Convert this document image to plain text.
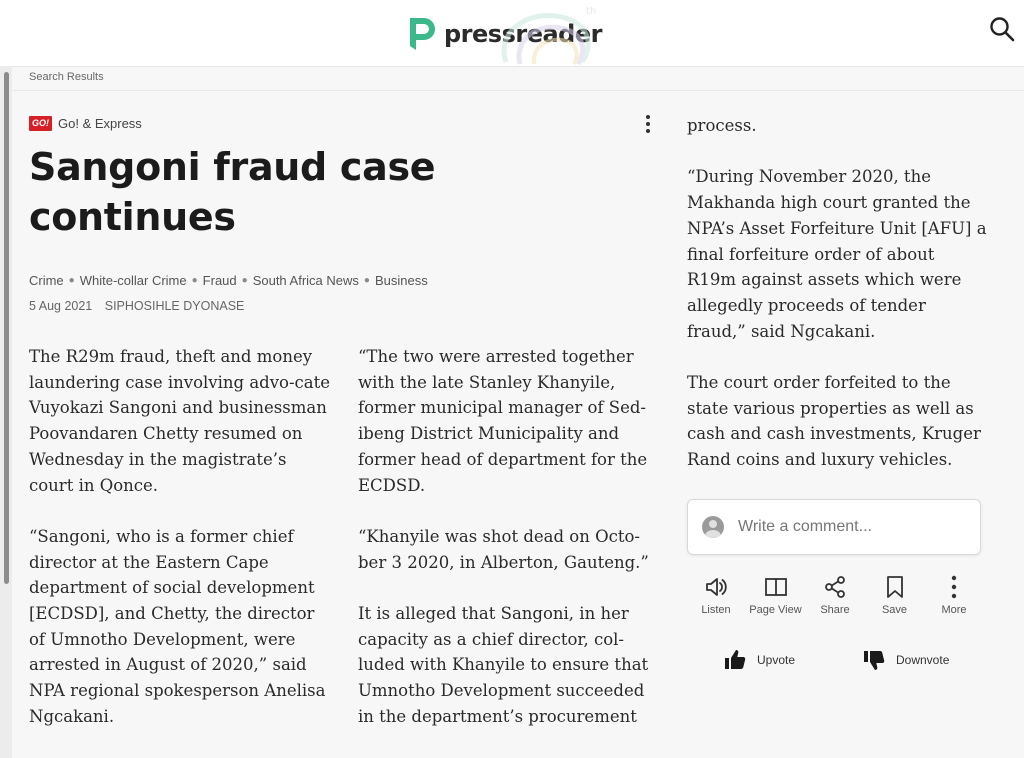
pressreader
th
Search Results
GO! Go! & Express
Sangoni fraud case continues
Crime ● White-collar Crime ● Fraud ● South Africa News ● Business
5 Aug 2021 SIPHOSIHLE DYONASE

The R29m fraud, theft and money laundering case involving advo-cate Vuyokazi Sangoni and businessman Poovandaren Chetty resumed on Wednesday in the magistrate’s court in Qonce.

“Sangoni, who is a former chief director at the Eastern Cape department of social development [ECDSD], and Chetty, the director of Umnotho Development, were arrested in August of 2020,” said NPA regional spokesperson Anelisa Ngcakani.

“The two were arrested together with the late Stanley Khanyile, former municipal manager of Sed-ibeng District Municipality and former head of department for the ECDSD.

“Khanyile was shot dead on Octo-ber 3 2020, in Alberton, Gauteng.”

It is alleged that Sangoni, in her capacity as a chief director, col-luded with Khanyile to ensure that Umnotho Development succeeded in the department’s procurement

process.

“During November 2020, the Makhanda high court granted the NPA’s Asset Forfeiture Unit [AFU] a final forfeiture order of about R19m against assets which were allegedly proceeds of tender fraud,” said Ngcakani.

The court order forfeited to the state various properties as well as cash and cash investments, Kruger Rand coins and luxury vehicles.

Write a comment...
Listen Page View Share	Save	More
Upvote	Downvote
